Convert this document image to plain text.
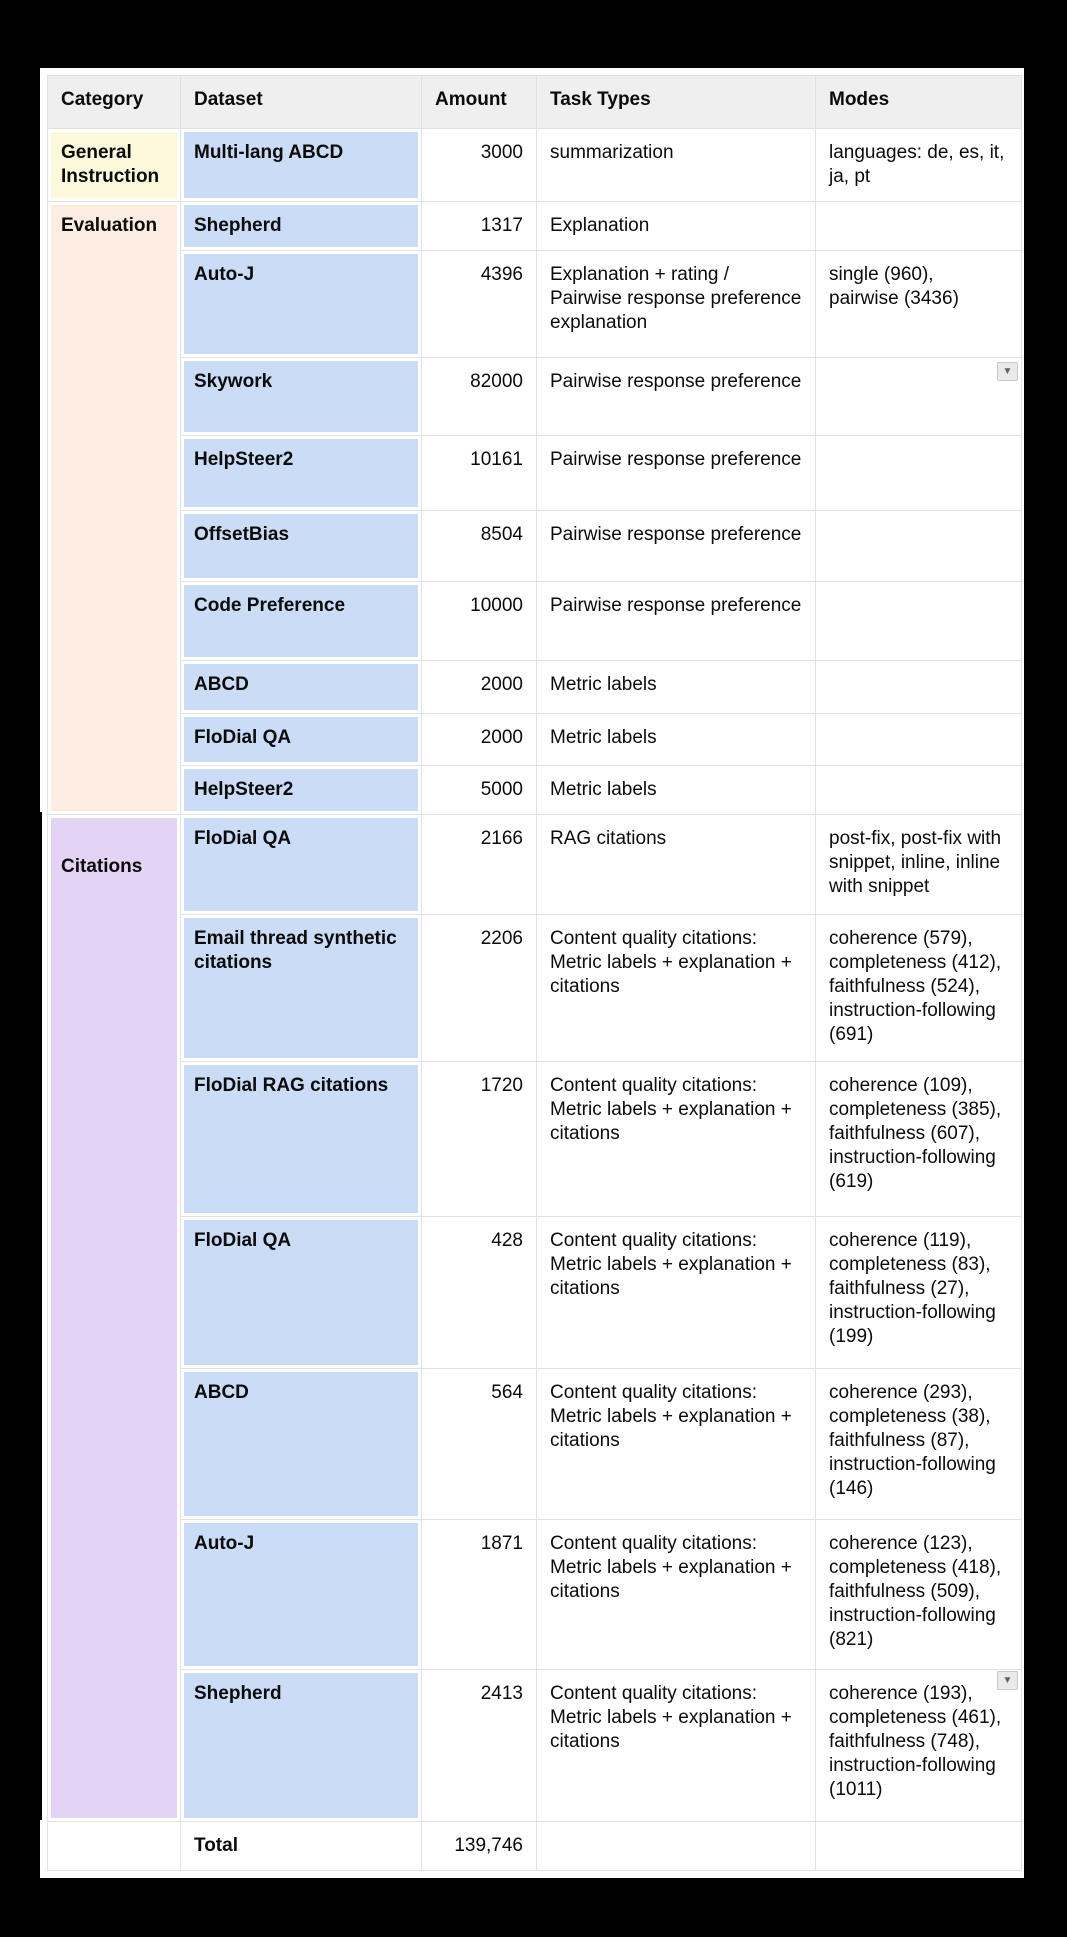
Category	Dataset	Amount	Task Types	Modes
General Instruction	Multi-lang ABCD	3000	summarization	languages: de, es, it, ja, pt
Evaluation	Shepherd	1317	Explanation	
	Auto-J	4396	Explanation + rating / Pairwise response preference explanation	single (960), pairwise (3436)
	Skywork	82000	Pairwise response preference	
	HelpSteer2	10161	Pairwise response preference	
	OffsetBias	8504	Pairwise response preference	
	Code Preference	10000	Pairwise response preference	
	ABCD	2000	Metric labels	
	FloDial QA	2000	Metric labels	
	HelpSteer2	5000	Metric labels	
Citations	FloDial QA	2166	RAG citations	post-fix, post-fix with snippet, inline, inline with snippet
	Email thread synthetic citations	2206	Content quality citations: Metric labels + explanation + citations	coherence (579), completeness (412), faithfulness (524), instruction-following (691)
	FloDial RAG citations	1720	Content quality citations: Metric labels + explanation + citations	coherence (109), completeness (385), faithfulness (607), instruction-following (619)
	FloDial QA	428	Content quality citations: Metric labels + explanation + citations	coherence (119), completeness (83), faithfulness (27), instruction-following (199)
	ABCD	564	Content quality citations: Metric labels + explanation + citations	coherence (293), completeness (38), faithfulness (87), instruction-following (146)
	Auto-J	1871	Content quality citations: Metric labels + explanation + citations	coherence (123), completeness (418), faithfulness (509), instruction-following (821)
	Shepherd	2413	Content quality citations: Metric labels + explanation + citations	coherence (193), completeness (461), faithfulness (748), instruction-following (1011)
	Total	139,746		
▼
▼
